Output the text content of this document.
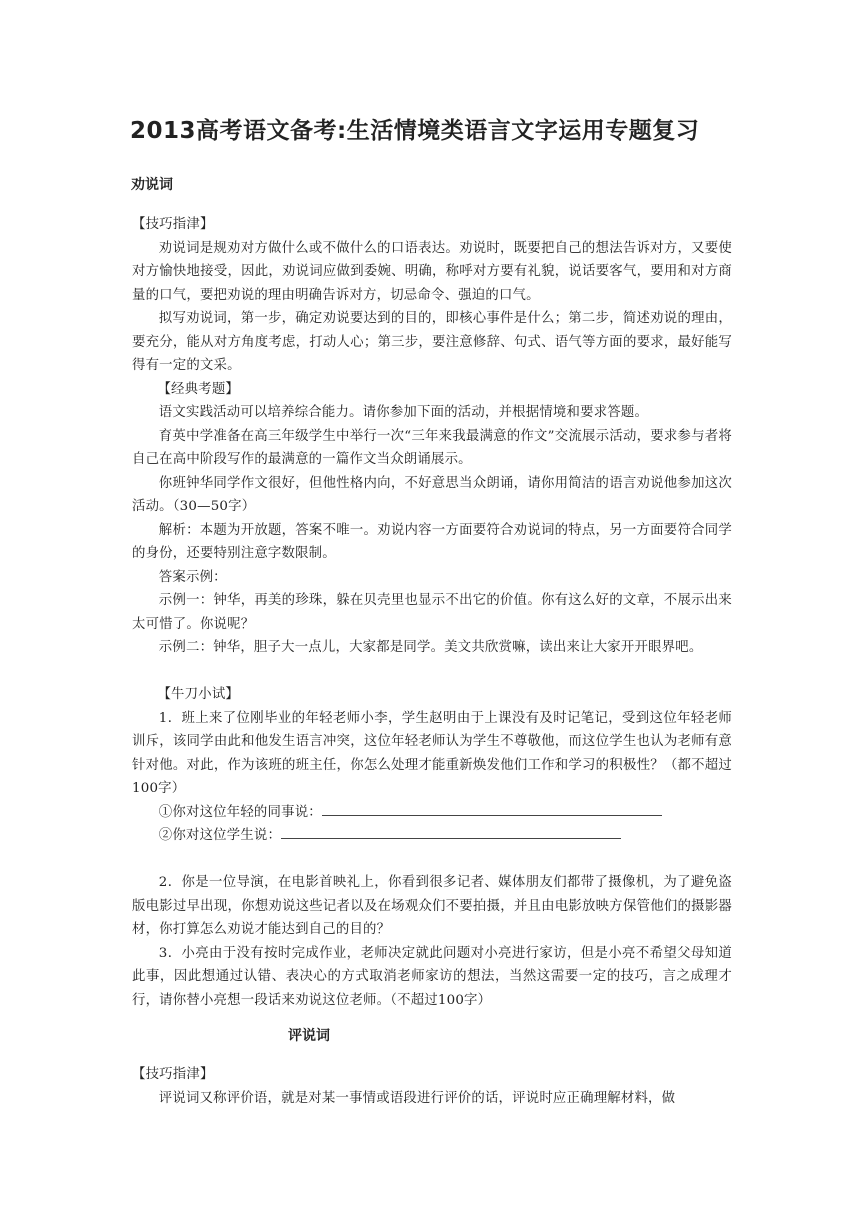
2013高考语文备考:生活情境类语言文字运用专题复习
劝说词

【技巧指津】

劝说词是规劝对方做什么或不做什么的口语表达。劝说时，既要把自己的想法告诉对方，又要使对方愉快地接受，因此，劝说词应做到委婉、明确，称呼对方要有礼貌，说话要客气，要用和对方商量的口气，要把劝说的理由明确告诉对方，切忌命令、强迫的口气。

拟写劝说词，第一步，确定劝说要达到的目的，即核心事件是什么；第二步，简述劝说的理由，要充分，能从对方角度考虑，打动人心；第三步，要注意修辞、句式、语气等方面的要求，最好能写得有一定的文采。

【经典考题】

语文实践活动可以培养综合能力。请你参加下面的活动，并根据情境和要求答题。

育英中学准备在高三年级学生中举行一次“三年来我最满意的作文”交流展示活动，要求参与者将自己在高中阶段写作的最满意的一篇作文当众朗诵展示。

你班钟华同学作文很好，但他性格内向，不好意思当众朗诵，请你用简洁的语言劝说他参加这次活动。（30—50字）

解析：本题为开放题，答案不唯一。劝说内容一方面要符合劝说词的特点，另一方面要符合同学的身份，还要特别注意字数限制。

答案示例：

示例一：钟华，再美的珍珠，躲在贝壳里也显示不出它的价值。你有这么好的文章，不展示出来太可惜了。你说呢？

示例二：钟华，胆子大一点儿，大家都是同学。美文共欣赏嘛，读出来让大家开开眼界吧。

【牛刀小试】

1．班上来了位刚毕业的年轻老师小李，学生赵明由于上课没有及时记笔记，受到这位年轻老师训斥，该同学由此和他发生语言冲突，这位年轻老师认为学生不尊敬他，而这位学生也认为老师有意针对他。对此，作为该班的班主任，你怎么处理才能重新焕发他们工作和学习的积极性？（都不超过100字）

①你对这位年轻的同事说：

②你对这位学生说：

2．你是一位导演，在电影首映礼上，你看到很多记者、媒体朋友们都带了摄像机，为了避免盗版电影过早出现，你想劝说这些记者以及在场观众们不要拍摄，并且由电影放映方保管他们的摄影器材，你打算怎么劝说才能达到自己的目的？

3．小亮由于没有按时完成作业，老师决定就此问题对小亮进行家访，但是小亮不希望父母知道此事，因此想通过认错、表决心的方式取消老师家访的想法，当然这需要一定的技巧，言之成理才行，请你替小亮想一段话来劝说这位老师。（不超过100字）

评说词

【技巧指津】

评说词又称评价语，就是对某一事情或语段进行评价的话，评说时应正确理解材料，做
